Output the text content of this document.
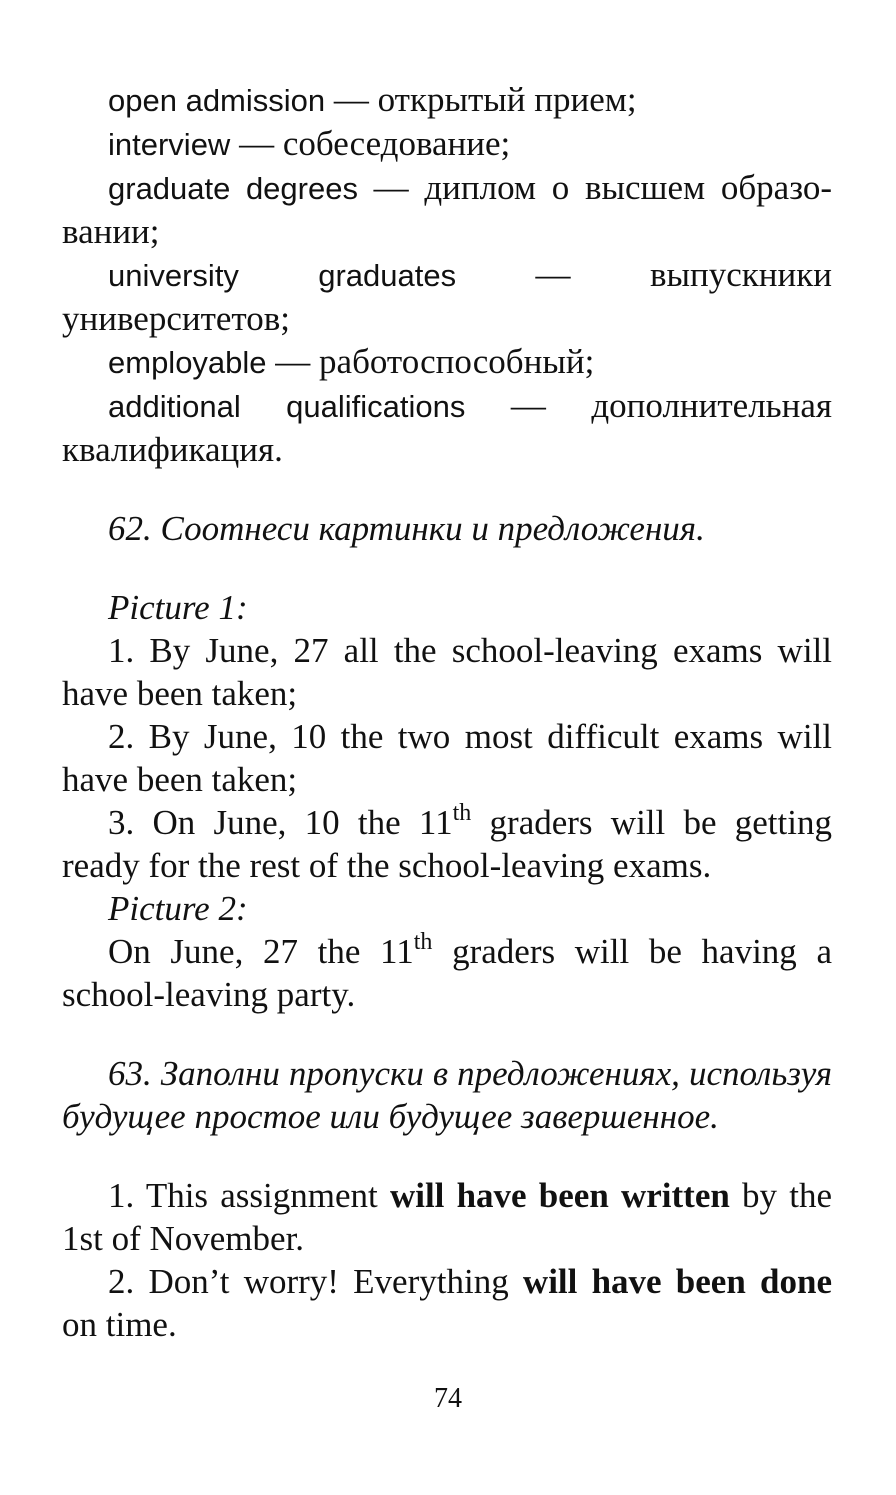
open admission — открытый прием;

interview — собеседование;

graduate degrees — диплом о высшем образо-вании;

university graduates — выпускники университетов;

employable — работоспособный;

additional qualifications — дополнительная квалификация.

62. Соотнеси картинки и предложения.

Picture 1:

1. By June, 27 all the school-leaving exams will have been taken;

2. By June, 10 the two most difficult exams will have been taken;

3. On June, 10 the 11th graders will be getting ready for the rest of the school-leaving exams.

Picture 2:

On June, 27 the 11th graders will be having a school-leaving party.

63. Заполни пропуски в предложениях, используя будущее простое или будущее завершенное.

1. This assignment will have been written by the 1st of November.

2. Don’t worry! Everything will have been done on time.

74
